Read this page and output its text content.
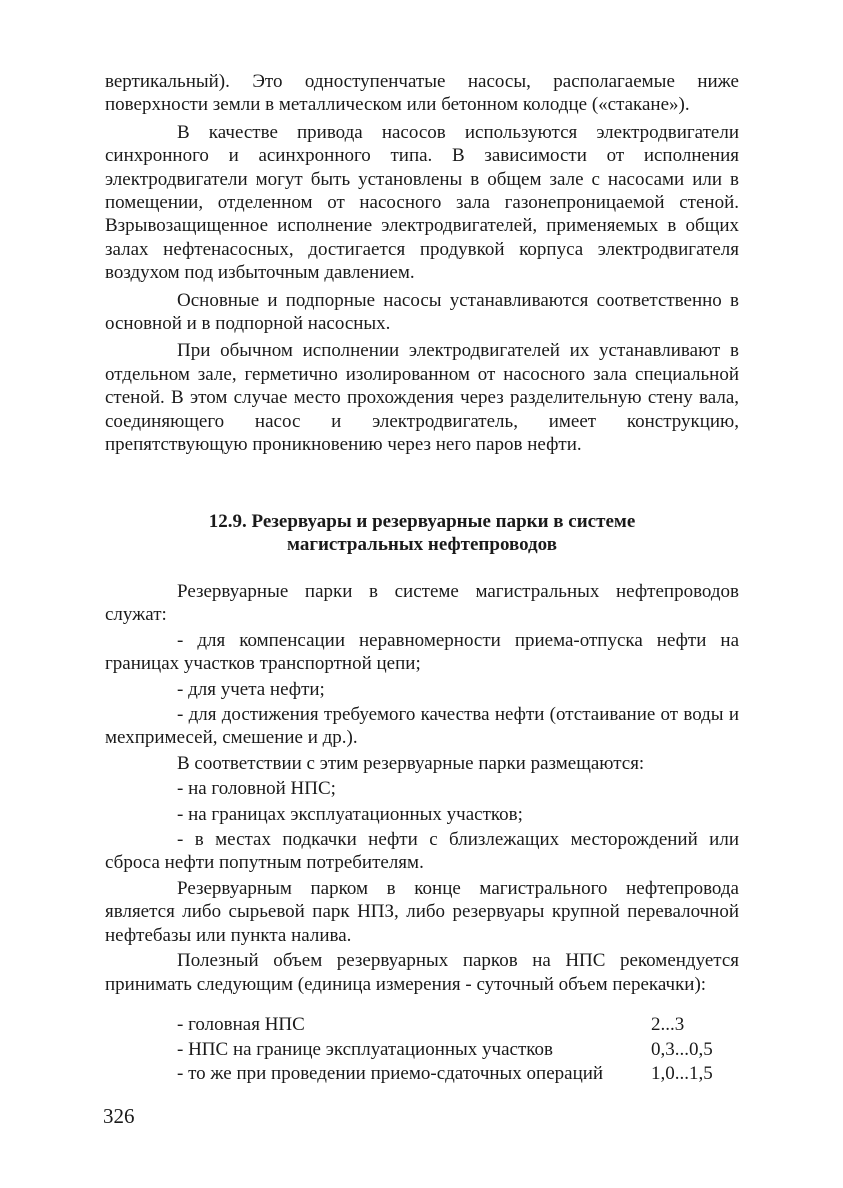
вертикальный). Это одноступенчатые насосы, располагаемые ниже поверхности земли в металлическом или бетонном колодце («стакане»).

В качестве привода насосов используются электродвигатели синхронного и асинхронного типа. В зависимости от исполнения электродвигатели могут быть установлены в общем зале с насосами или в помещении, отделенном от насосного зала газонепроницаемой стеной. Взрывозащищенное исполнение электродвигателей, применяемых в общих залах нефтенасосных, достигается продувкой корпуса электродвигателя воздухом под избыточным давлением.

Основные и подпорные насосы устанавливаются соответственно в основной и в подпорной насосных.

При обычном исполнении электродвигателей их устанавливают в отдельном зале, герметично изолированном от насосного зала специальной стеной. В этом случае место прохождения через разделительную стену вала, соединяющего насос и электродвигатель, имеет конструкцию, препятствующую проникновению через него паров нефти.

12.9. Резервуары и резервуарные парки в системе
магистральных нефтепроводов

Резервуарные парки в системе магистральных нефтепроводов служат:

- для компенсации неравномерности приема-отпуска нефти на границах участков транспортной цепи;

- для учета нефти;

- для достижения требуемого качества нефти (отстаивание от воды и мехпримесей, смешение и др.).

В соответствии с этим резервуарные парки размещаются:

- на головной НПС;

- на границах эксплуатационных участков;

- в местах подкачки нефти с близлежащих месторождений или сброса нефти попутным потребителям.

Резервуарным парком в конце магистрального нефтепровода является либо сырьевой парк НПЗ, либо резервуары крупной перевалочной нефтебазы или пункта налива.

Полезный объем резервуарных парков на НПС рекомендуется принимать следующим (единица измерения - суточный объем перекачки):

- головная НПС	2...3
- НПС на границе эксплуатационных участков	0,3...0,5
- то же при проведении приемо-сдаточных операций	1,0...1,5
326
